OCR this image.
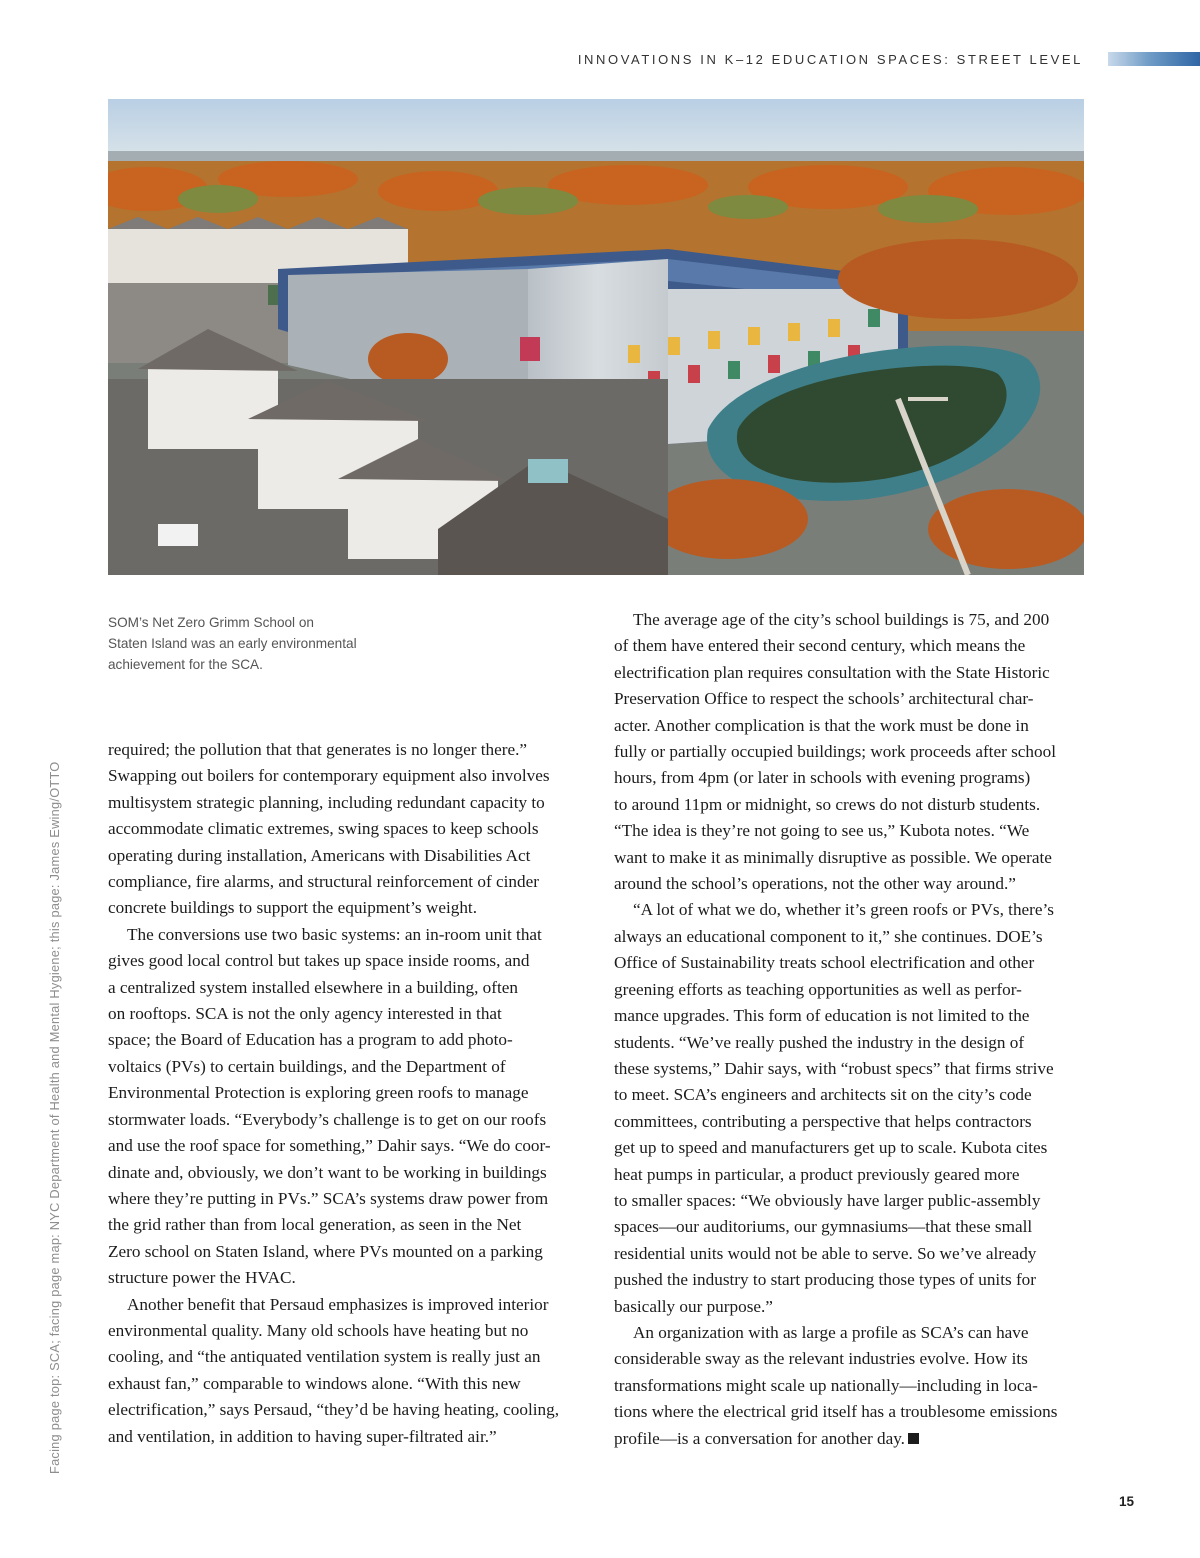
INNOVATIONS IN K–12 EDUCATION SPACES: STREET LEVEL

SOM’s Net Zero Grimm School on

Staten Island was an early environmental

achievement for the SCA.

Facing page top: SCA; facing page map: NYC Department of Health and Mental Hygiene; this page: James Ewing/OTTO

required; the pollution that that generates is no longer there.”

Swapping out boilers for contemporary equipment also involves

multisystem strategic planning, including redundant capacity to

accommodate climatic extremes, swing spaces to keep schools

operating during installation, Americans with Disabilities Act

compliance, fire alarms, and structural reinforcement of cinder

concrete buildings to support the equipment’s weight.

The conversions use two basic systems: an in-room unit that

gives good local control but takes up space inside rooms, and

a centralized system installed elsewhere in a building, often

on rooftops. SCA is not the only agency interested in that

space; the Board of Education has a program to add photo-

voltaics (PVs) to certain buildings, and the Department of

Environmental Protection is exploring green roofs to manage

stormwater loads. “Everybody’s challenge is to get on our roofs

and use the roof space for something,” Dahir says. “We do coor-

dinate and, obviously, we don’t want to be working in buildings

where they’re putting in PVs.” SCA’s systems draw power from

the grid rather than from local generation, as seen in the Net

Zero school on Staten Island, where PVs mounted on a parking

structure power the HVAC.

Another benefit that Persaud emphasizes is improved interior

environmental quality. Many old schools have heating but no

cooling, and “the antiquated ventilation system is really just an

exhaust fan,” comparable to windows alone. “With this new

electrification,” says Persaud, “they’d be having heating, cooling,

and ventilation, in addition to having super-filtrated air.”

The average age of the city’s school buildings is 75, and 200

of them have entered their second century, which means the

electrification plan requires consultation with the State Historic

Preservation Office to respect the schools’ architectural char-

acter. Another complication is that the work must be done in

fully or partially occupied buildings; work proceeds after school

hours, from 4pm (or later in schools with evening programs)

to around 11pm or midnight, so crews do not disturb students.

“The idea is they’re not going to see us,” Kubota notes. “We

want to make it as minimally disruptive as possible. We operate

around the school’s operations, not the other way around.”

“A lot of what we do, whether it’s green roofs or PVs, there’s

always an educational component to it,” she continues. DOE’s

Office of Sustainability treats school electrification and other

greening efforts as teaching opportunities as well as perfor-

mance upgrades. This form of education is not limited to the

students. “We’ve really pushed the industry in the design of

these systems,” Dahir says, with “robust specs” that firms strive

to meet. SCA’s engineers and architects sit on the city’s code

committees, contributing a perspective that helps contractors

get up to speed and manufacturers get up to scale. Kubota cites

heat pumps in particular, a product previously geared more

to smaller spaces: “We obviously have larger public-assembly

spaces—our auditoriums, our gymnasiums—that these small

residential units would not be able to serve. So we’ve already

pushed the industry to start producing those types of units for

basically our purpose.”

An organization with as large a profile as SCA’s can have

considerable sway as the relevant industries evolve. How its

transformations might scale up nationally—including in loca-

tions where the electrical grid itself has a troublesome emissions

profile—is a conversation for another day.

15
